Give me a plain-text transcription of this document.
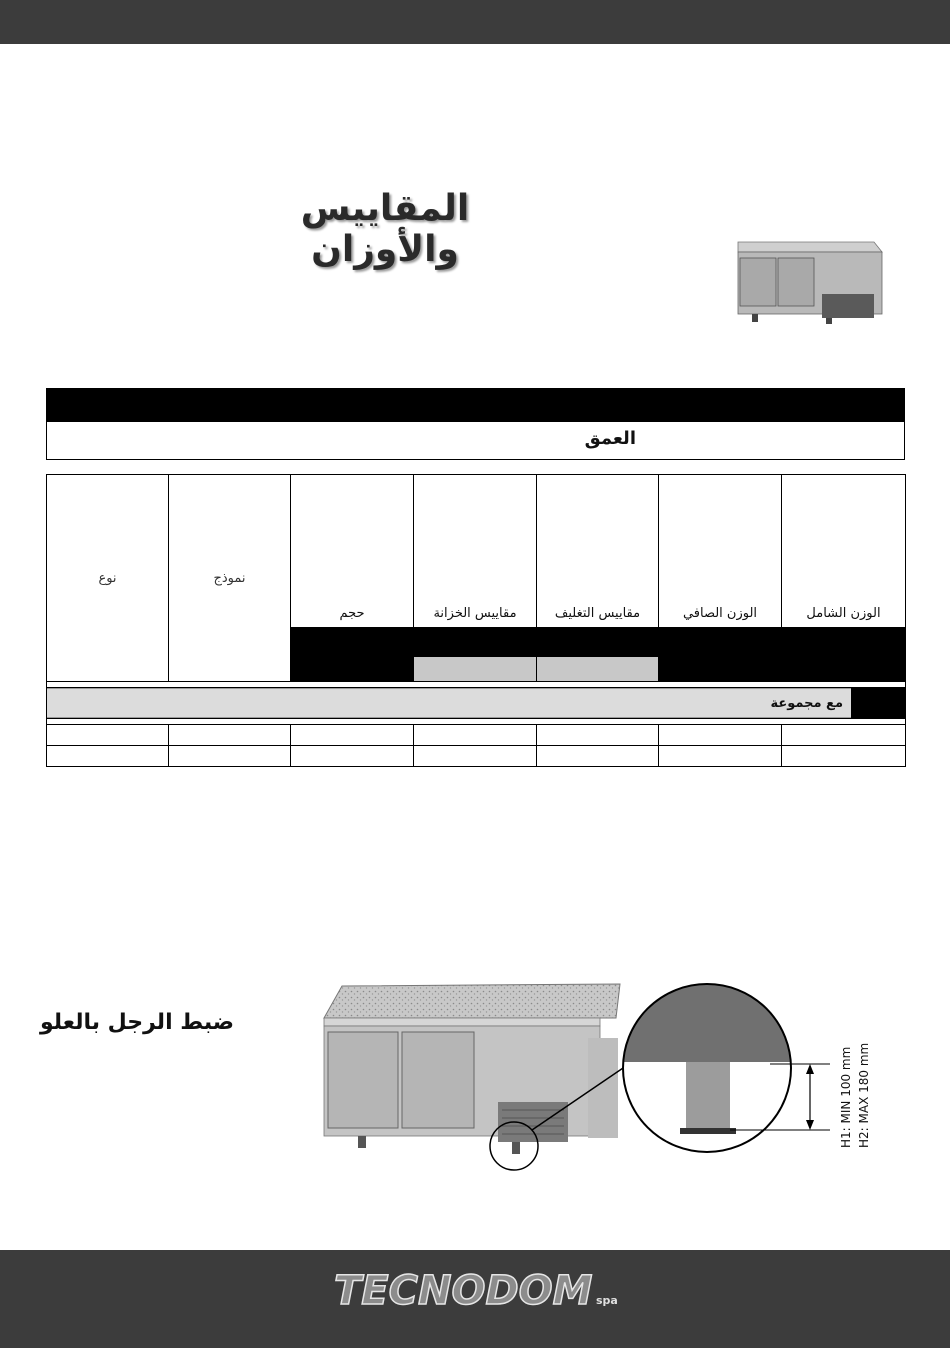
المقاييس والأوزان
العمق
نوع	نموذج	حجم	مقاييس الخزانة	مقاييس التغليف	الوزن الصافي	الوزن الشامل

مع مجموعة						

ضبط الرجل بالعلو
H1: MIN 100 mm H2: MAX 180 mm
TECNODOM spa
